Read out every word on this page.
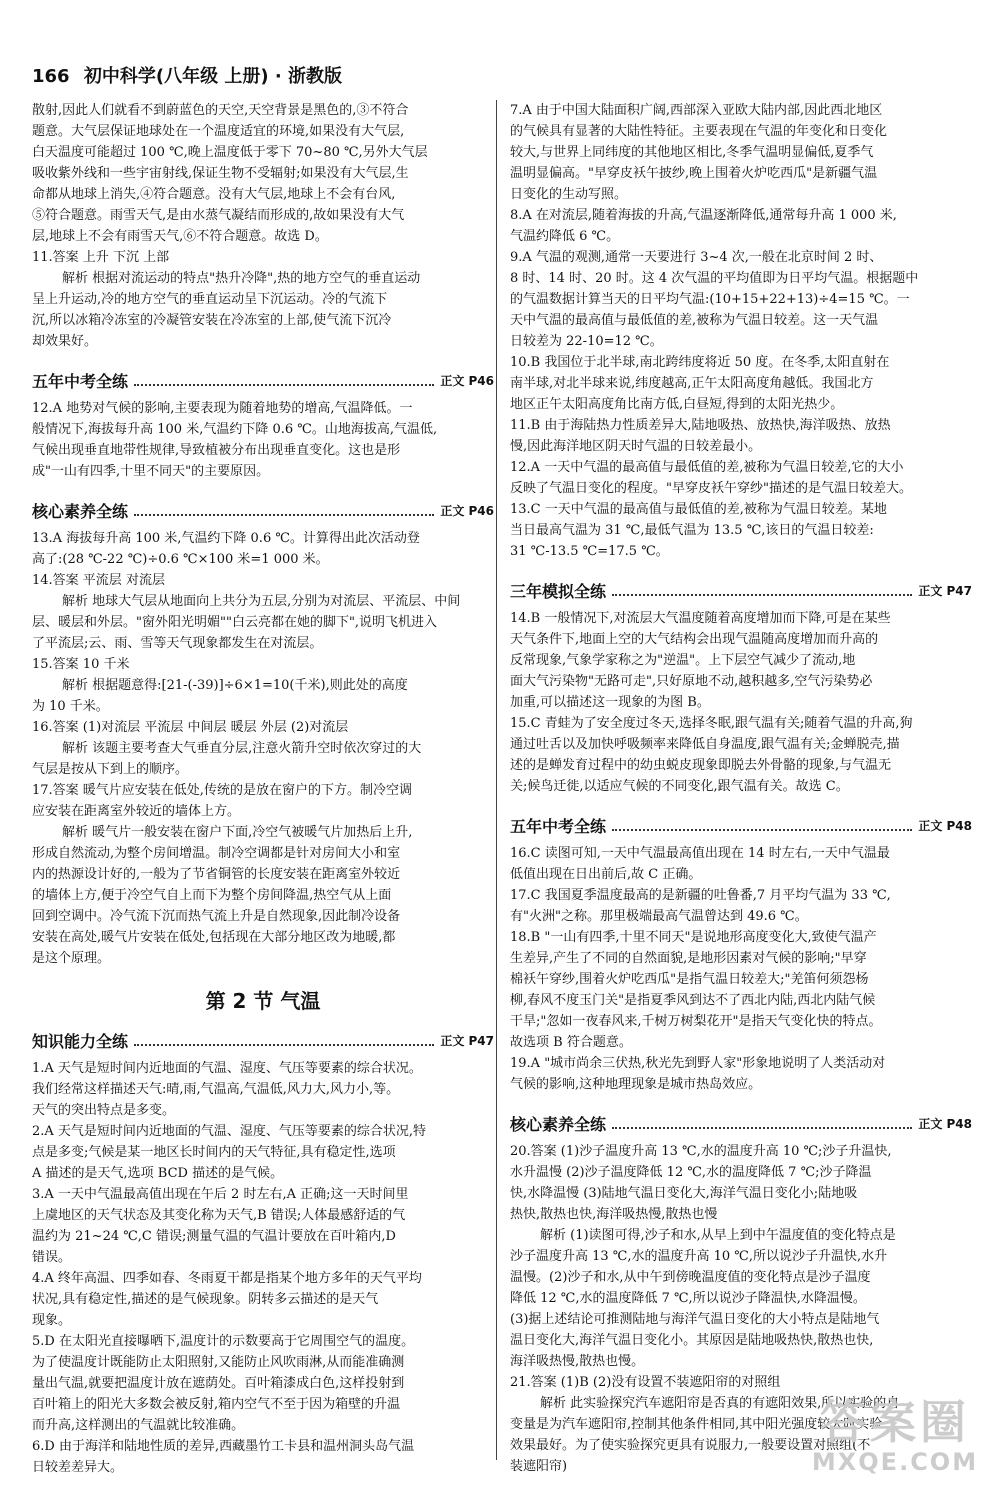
166 初中科学(八年级 上册) · 浙教版

散射,因此人们就看不到蔚蓝色的天空,天空背景是黑色的,③不符合

题意。大气层保证地球处在一个温度适宜的环境,如果没有大气层,

白天温度可能超过 100 ℃,晚上温度低于零下 70~80 ℃,另外大气层

吸收紫外线和一些宇宙射线,保证生物不受辐射;如果没有大气层,生

命都从地球上消失,④符合题意。没有大气层,地球上不会有台风,

⑤符合题意。雨雪天气,是由水蒸气凝结而形成的,故如果没有大气

层,地球上不会有雨雪天气,⑥不符合题意。故选 D。

11.答案 上升 下沉 上部

解析 根据对流运动的特点"热升冷降",热的地方空气的垂直运动

呈上升运动,冷的地方空气的垂直运动呈下沉运动。冷的气流下

沉,所以冰箱冷冻室的冷凝管安装在冷冻室的上部,使气流下沉冷

却效果好。

五年中考全练	正文 P46

12.A 地势对气候的影响,主要表现为随着地势的增高,气温降低。一

般情况下,海拔每升高 100 米,气温约下降 0.6 ℃。山地海拔高,气温低,

气候出现垂直地带性规律,导致植被分布出现垂直变化。这也是形

成"一山有四季,十里不同天"的主要原因。

核心素养全练	正文 P46

13.A 海拔每升高 100 米,气温约下降 0.6 ℃。计算得出此次活动登

高了:(28 ℃-22 ℃)÷0.6 ℃×100 米=1 000 米。

14.答案 平流层 对流层

解析 地球大气层从地面向上共分为五层,分别为对流层、平流层、中间

层、暖层和外层。"窗外阳光明媚""白云亮都在她的脚下",说明飞机进入

了平流层;云、雨、雪等天气现象都发生在对流层。

15.答案 10 千米

解析 根据题意得:[21-(-39)]÷6×1=10(千米),则此处的高度

为 10 千米。

16.答案 (1)对流层 平流层 中间层 暖层 外层 (2)对流层

解析 该题主要考查大气垂直分层,注意火箭升空时依次穿过的大

气层是按从下到上的顺序。

17.答案 暖气片应安装在低处,传统的是放在窗户的下方。制冷空调

应安装在距离室外较近的墙体上方。

解析 暖气片一般安装在窗户下面,冷空气被暖气片加热后上升,

形成自然流动,为整个房间增温。制冷空调都是针对房间大小和室

内的热源设计好的,一般为了节省铜管的长度安装在距离室外较近

的墙体上方,便于冷空气自上而下为整个房间降温,热空气从上面

回到空调中。冷气流下沉而热气流上升是自然现象,因此制冷设备

安装在高处,暖气片安装在低处,包括现在大部分地区改为地暖,都

是这个原理。

第 2 节 气温
知识能力全练	正文 P47

1.A 天气是短时间内近地面的气温、湿度、气压等要素的综合状况。

我们经常这样描述天气:晴,雨,气温高,气温低,风力大,风力小,等。

天气的突出特点是多变。

2.A 天气是短时间内近地面的气温、湿度、气压等要素的综合状况,特

点是多变;气候是某一地区长时间内的天气特征,具有稳定性,选项

A 描述的是天气,选项 BCD 描述的是气候。

3.A 一天中气温最高值出现在午后 2 时左右,A 正确;这一天时间里

上虞地区的天气状态及其变化称为天气,B 错误;人体最感舒适的气

温约为 21~24 ℃,C 错误;测量气温的气温计要放在百叶箱内,D

错误。

4.A 终年高温、四季如春、冬雨夏干都是指某个地方多年的天气平均

状况,具有稳定性,描述的是气候现象。阴转多云描述的是天气

现象。

5.D 在太阳光直接曝晒下,温度计的示数要高于它周围空气的温度。

为了使温度计既能防止太阳照射,又能防止风吹雨淋,从而能准确测

量出气温,就要把温度计放在遮荫处。百叶箱漆成白色,这样投射到

百叶箱上的阳光大多数会被反射,箱内空气不至于因为箱壁的升温

而升高,这样测出的气温就比较准确。

6.D 由于海洋和陆地性质的差异,西藏墨竹工卡县和温州洞头岛气温

日较差差异大。

7.A 由于中国大陆面积广阔,西部深入亚欧大陆内部,因此西北地区

的气候具有显著的大陆性特征。主要表现在气温的年变化和日变化

较大,与世界上同纬度的其他地区相比,冬季气温明显偏低,夏季气

温明显偏高。"早穿皮袄午披纱,晚上围着火炉吃西瓜"是新疆气温

日变化的生动写照。

8.A 在对流层,随着海拔的升高,气温逐渐降低,通常每升高 1 000 米,

气温约降低 6 ℃。

9.A 气温的观测,通常一天要进行 3~4 次,一般在北京时间 2 时、

8 时、14 时、20 时。这 4 次气温的平均值即为日平均气温。根据题中

的气温数据计算当天的日平均气温:(10+15+22+13)÷4=15 ℃。一

天中气温的最高值与最低值的差,被称为气温日较差。这一天气温

日较差为 22-10=12 ℃。

10.B 我国位于北半球,南北跨纬度将近 50 度。在冬季,太阳直射在

南半球,对北半球来说,纬度越高,正午太阳高度角越低。我国北方

地区正午太阳高度角比南方低,白昼短,得到的太阳光热少。

11.B 由于海陆热力性质差异大,陆地吸热、放热快,海洋吸热、放热

慢,因此海洋地区阴天时气温的日较差最小。

12.A 一天中气温的最高值与最低值的差,被称为气温日较差,它的大小

反映了气温日变化的程度。"早穿皮袄午穿纱"描述的是气温日较差大。

13.C 一天中气温的最高值与最低值的差,被称为气温日较差。某地

当日最高气温为 31 ℃,最低气温为 13.5 ℃,该日的气温日较差:

31 ℃-13.5 ℃=17.5 ℃。

三年模拟全练	正文 P47

14.B 一般情况下,对流层大气温度随着高度增加而下降,可是在某些

天气条件下,地面上空的大气结构会出现气温随高度增加而升高的

反常现象,气象学家称之为"逆温"。上下层空气减少了流动,地

面大气污染物"无路可走",只好原地不动,越积越多,空气污染势必

加重,可以描述这一现象的为图 B。

15.C 青蛙为了安全度过冬天,选择冬眠,跟气温有关;随着气温的升高,狗

通过吐舌以及加快呼吸频率来降低自身温度,跟气温有关;金蝉脱壳,描

述的是蝉发育过程中的幼虫蜕皮现象即脱去外骨骼的现象,与气温无

关;候鸟迁徙,以适应气候的不同变化,跟气温有关。故选 C。

五年中考全练	正文 P48

16.C 读图可知,一天中气温最高值出现在 14 时左右,一天中气温最

低值出现在日出前后,故 C 正确。

17.C 我国夏季温度最高的是新疆的吐鲁番,7 月平均气温为 33 ℃,

有"火洲"之称。那里极端最高气温曾达到 49.6 ℃。

18.B "一山有四季,十里不同天"是说地形高度变化大,致使气温产

生差异,产生了不同的自然面貌,是地形因素对气候的影响;"早穿

棉袄午穿纱,围着火炉吃西瓜"是指气温日较差大;"羌笛何须怨杨

柳,春风不度玉门关"是指夏季风到达不了西北内陆,西北内陆气候

干旱;"忽如一夜春风来,千树万树梨花开"是指天气变化快的特点。

故选项 B 符合题意。

19.A "城市尚余三伏热,秋光先到野人家"形象地说明了人类活动对

气候的影响,这种地理现象是城市热岛效应。

核心素养全练	正文 P48

20.答案 (1)沙子温度升高 13 ℃,水的温度升高 10 ℃;沙子升温快,

水升温慢 (2)沙子温度降低 12 ℃,水的温度降低 7 ℃;沙子降温

快,水降温慢 (3)陆地气温日变化大,海洋气温日变化小;陆地吸

热快,散热也快,海洋吸热慢,散热也慢

解析 (1)读图可得,沙子和水,从早上到中午温度值的变化特点是

沙子温度升高 13 ℃,水的温度升高 10 ℃,所以说沙子升温快,水升

温慢。(2)沙子和水,从中午到傍晚温度值的变化特点是沙子温度

降低 12 ℃,水的温度降低 7 ℃,所以说沙子降温快,水降温慢。

(3)据上述结论可推测陆地与海洋气温日变化的大小特点是陆地气

温日变化大,海洋气温日变化小。其原因是陆地吸热快,散热也快,

海洋吸热慢,散热也慢。

21.答案 (1)B (2)没有设置不装遮阳帘的对照组

解析 此实验探究汽车遮阳帘是否真的有遮阳效果,所以实验的自

变量是为汽车遮阳帘,控制其他条件相同,其中阳光强度较大时实验

效果最好。为了使实验探究更具有说服力,一般要设置对照组(不

装遮阳帘)

答案圈
MXQE.COM
